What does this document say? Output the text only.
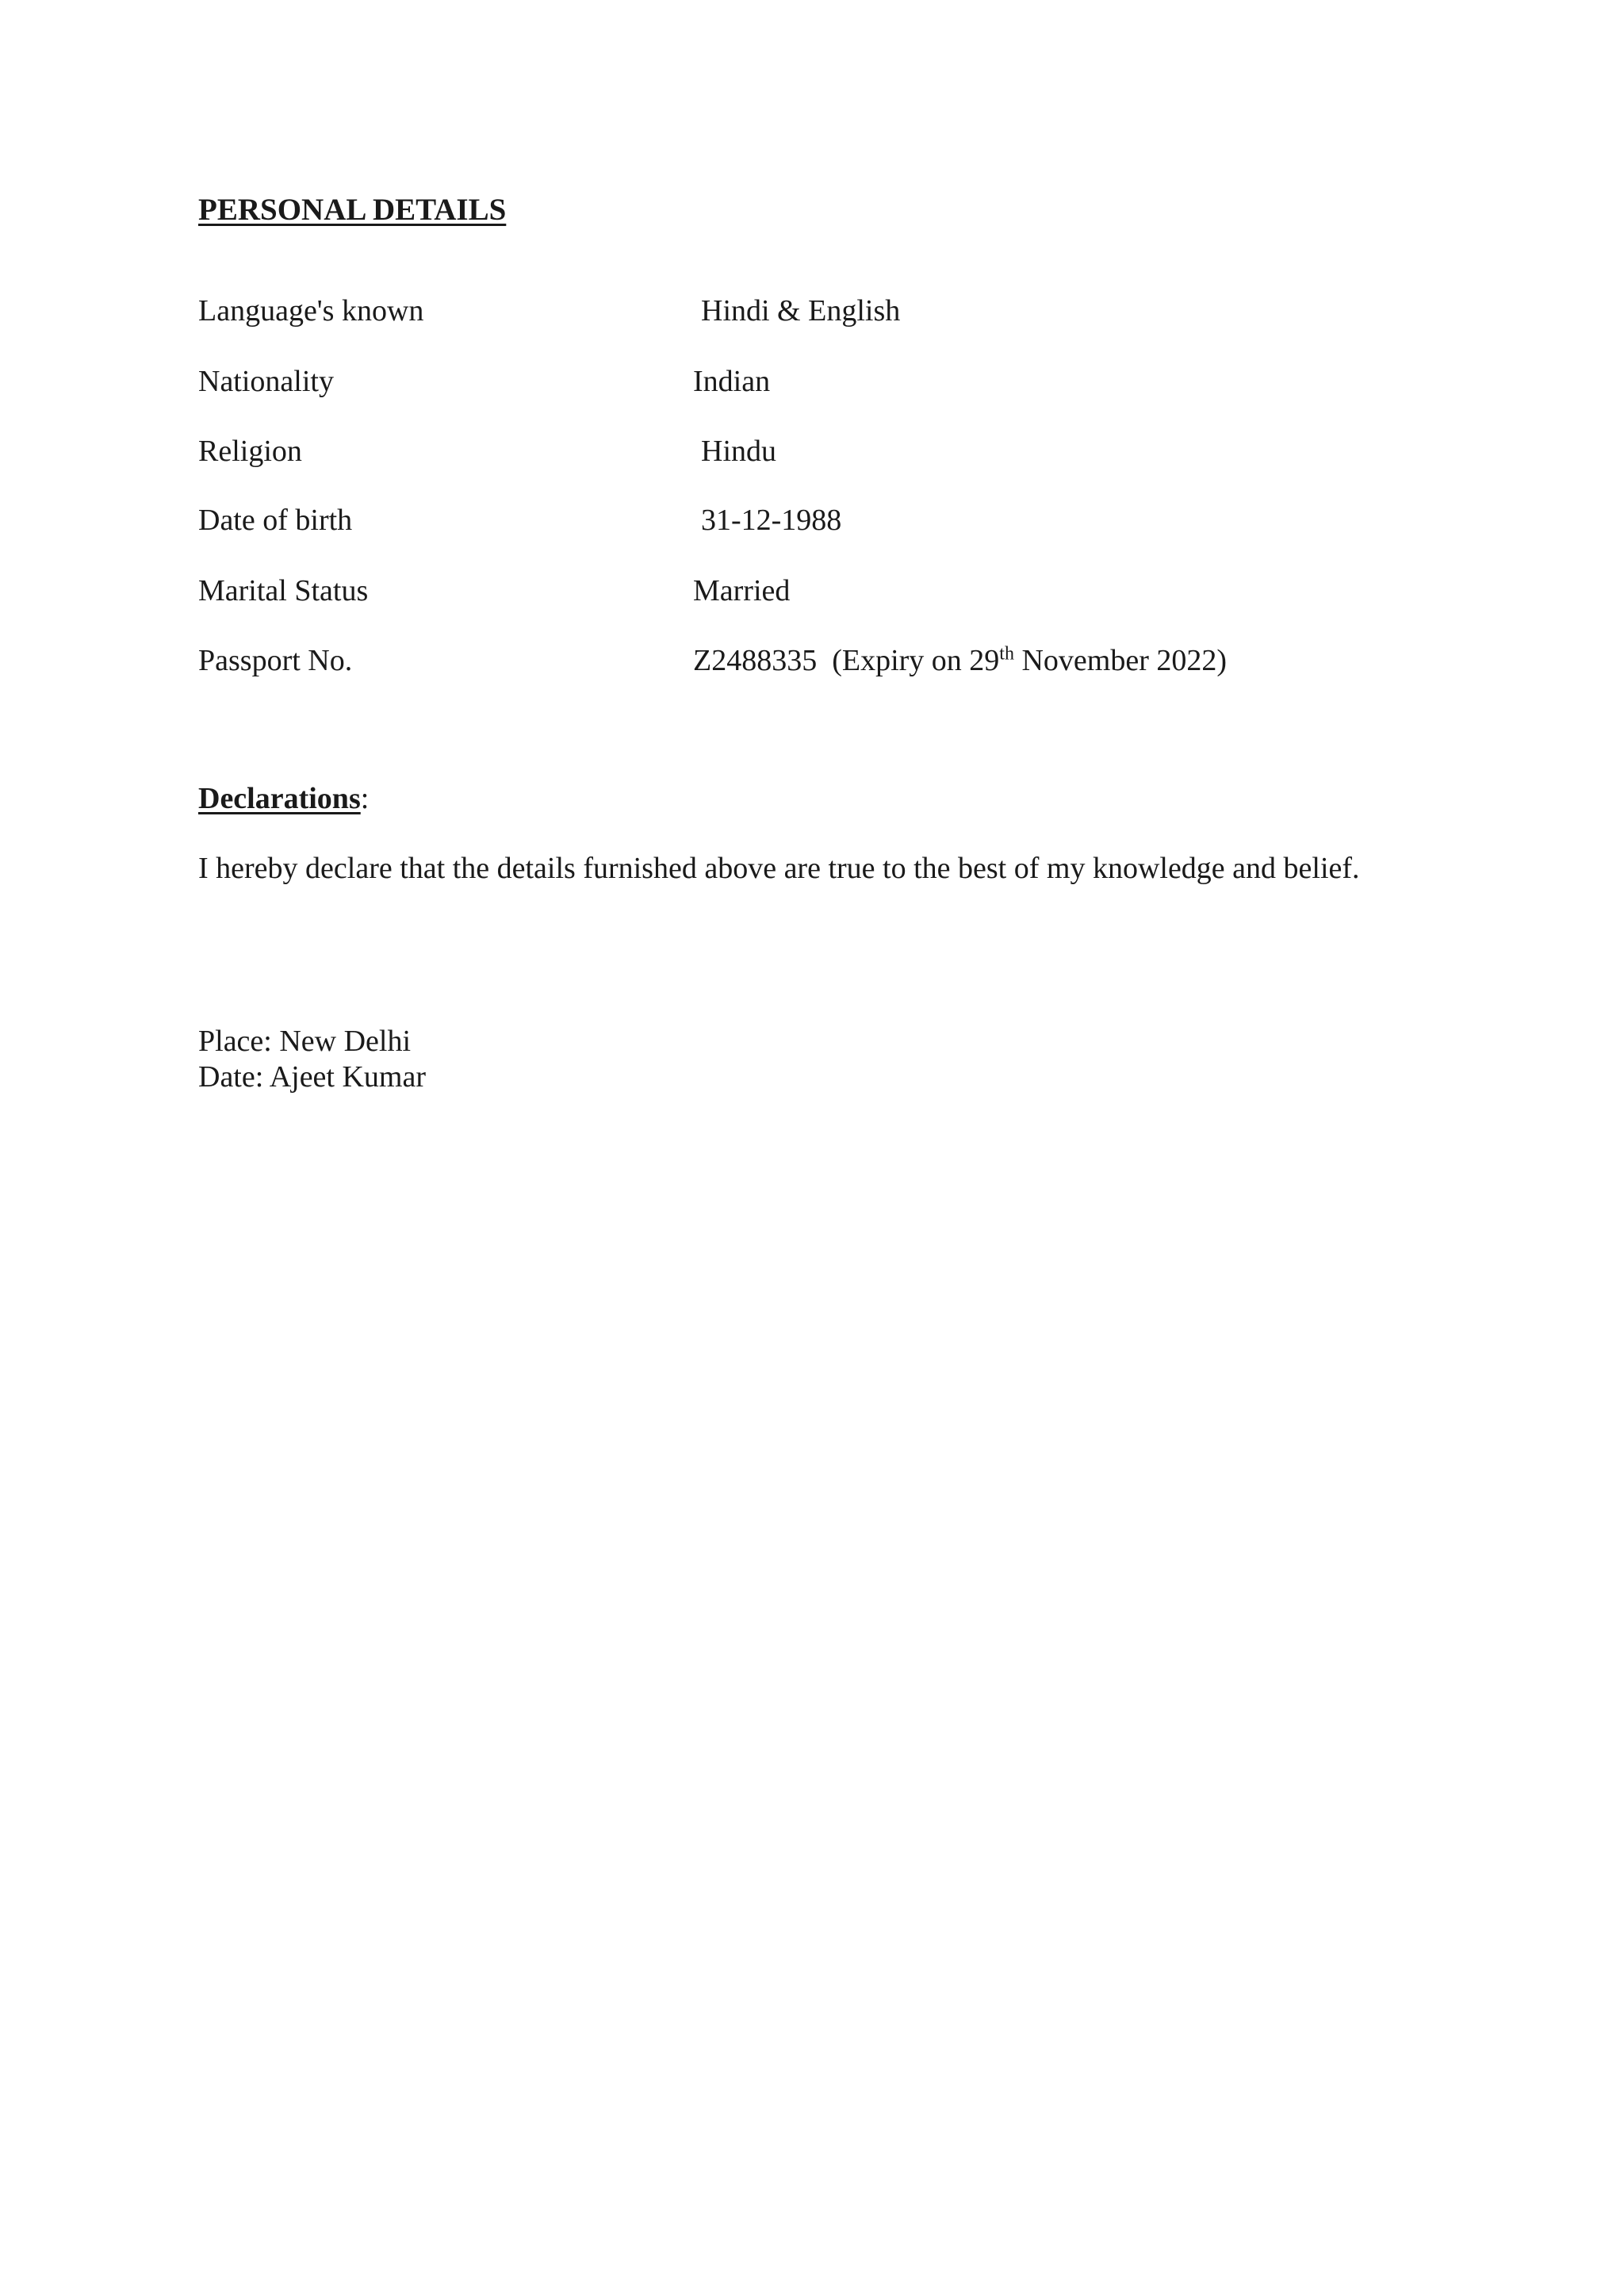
PERSONAL DETAILS
Language's known	Hindi & English
Nationality	Indian
Religion	Hindu
Date of birth	31-12-1988
Marital Status	Married
Passport No.	Z2488335 (Expiry on 29th November 2022)

Declarations:

I hereby declare that the details furnished above are true to the best of my knowledge and belief.

Place: New Delhi

Date: Ajeet Kumar
